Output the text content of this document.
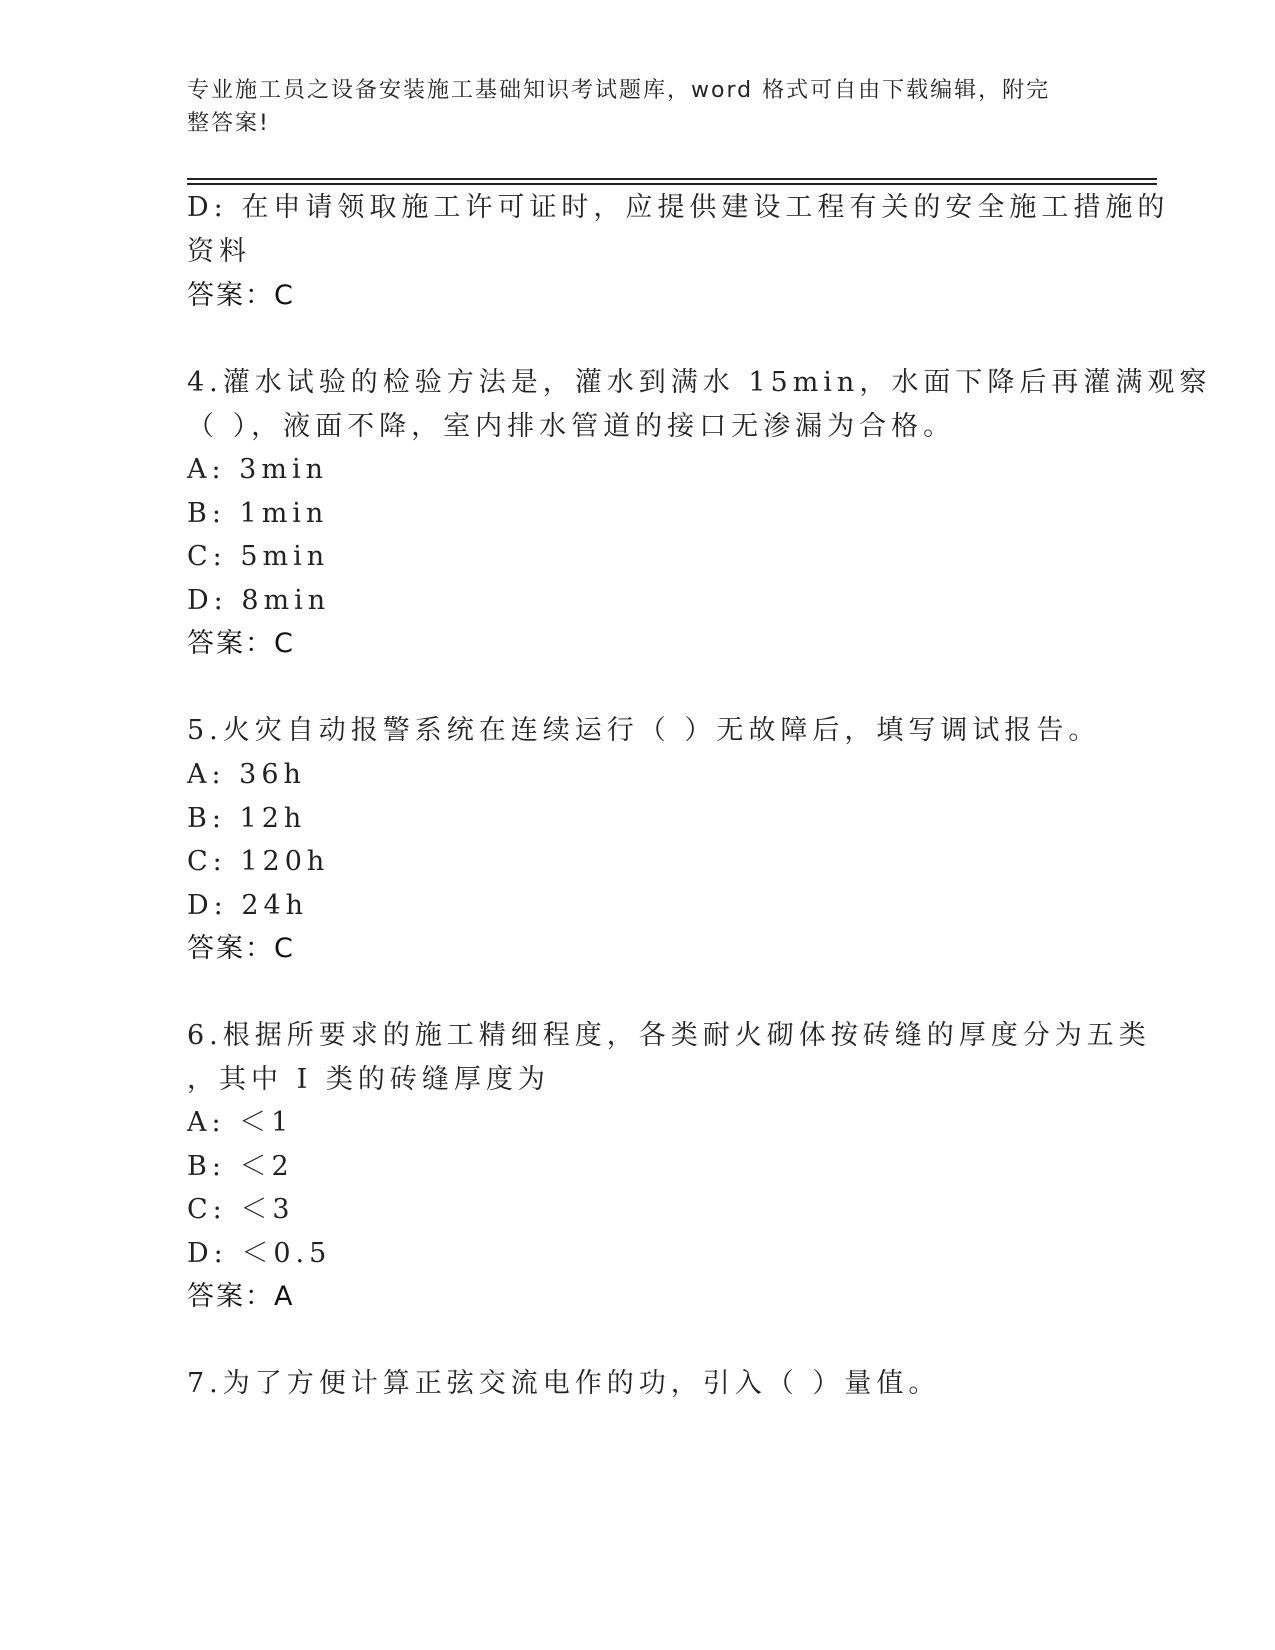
专业施工员之设备安装施工基础知识考试题库，word 格式可自由下载编辑，附完
整答案!
D: 在申请领取施工许可证时，应提供建设工程有关的安全施工措施的
资料
答案：C
4.灌水试验的检验方法是，灌水到满水 15min，水面下降后再灌满观察
（ ），液面不降，室内排水管道的接口无渗漏为合格。
A: 3min
B: 1min
C: 5min
D: 8min
答案：C
5.火灾自动报警系统在连续运行（ ）无故障后，填写调试报告。
A: 36h
B: 12h
C: 120h
D: 24h
答案：C
6.根据所要求的施工精细程度，各类耐火砌体按砖缝的厚度分为五类
，其中 I 类的砖缝厚度为
A: ＜1
B: ＜2
C: ＜3
D: ＜0.5
答案：A
7.为了方便计算正弦交流电作的功，引入（ ）量值。
